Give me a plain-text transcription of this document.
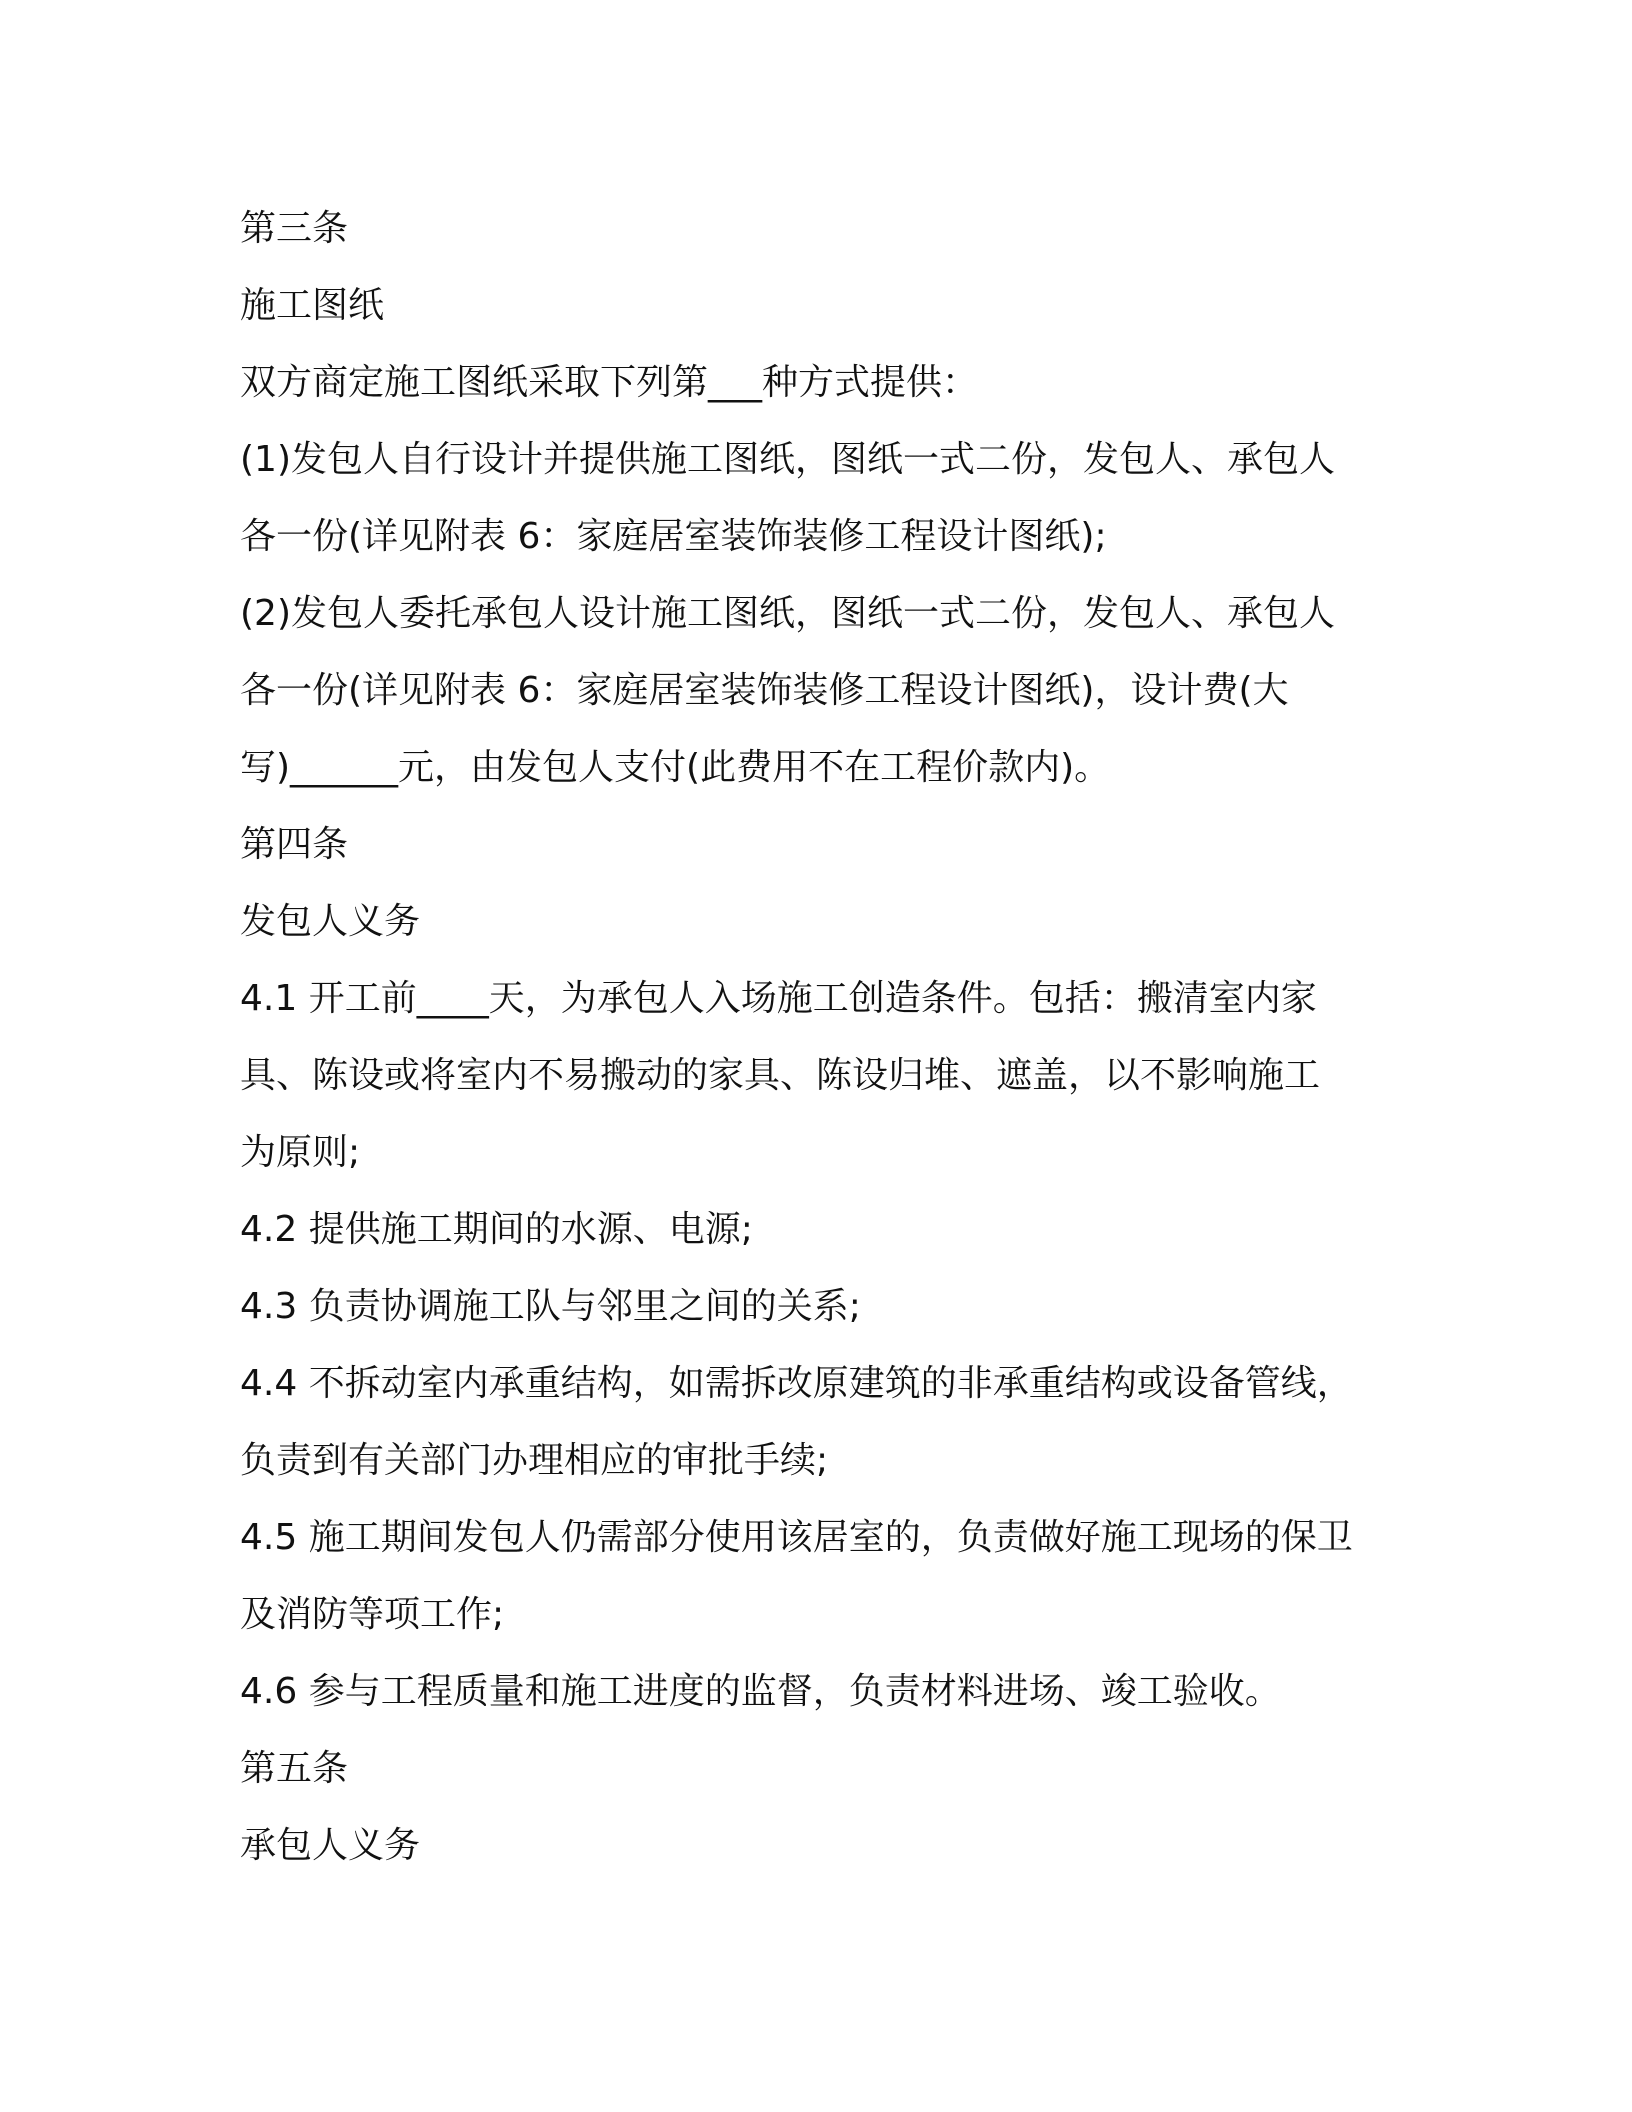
第三条

施工图纸

双方商定施工图纸采取下列第___种方式提供：

(1)发包人自行设计并提供施工图纸，图纸一式二份，发包人、承包人

各一份(详见附表 6：家庭居室装饰装修工程设计图纸);

(2)发包人委托承包人设计施工图纸，图纸一式二份，发包人、承包人

各一份(详见附表 6：家庭居室装饰装修工程设计图纸)，设计费(大

写)______元，由发包人支付(此费用不在工程价款内)。

第四条

发包人义务

4.1 开工前____天，为承包人入场施工创造条件。包括：搬清室内家

具、陈设或将室内不易搬动的家具、陈设归堆、遮盖，以不影响施工

为原则;

4.2 提供施工期间的水源、电源;

4.3 负责协调施工队与邻里之间的关系;

4.4 不拆动室内承重结构，如需拆改原建筑的非承重结构或设备管线，

负责到有关部门办理相应的审批手续;

4.5 施工期间发包人仍需部分使用该居室的，负责做好施工现场的保卫

及消防等项工作;

4.6 参与工程质量和施工进度的监督，负责材料进场、竣工验收。

第五条

承包人义务
